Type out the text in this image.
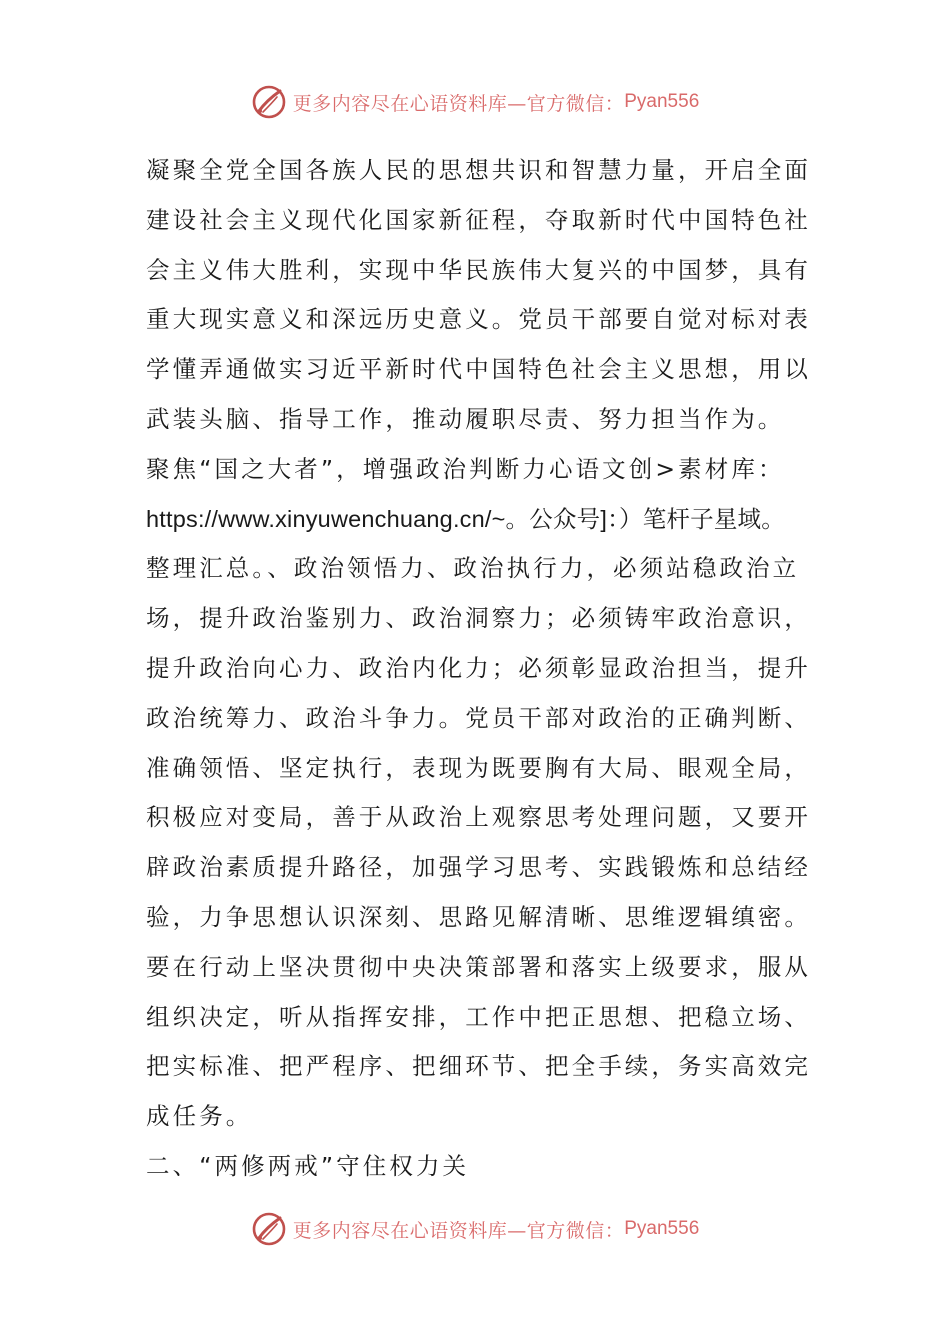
更多内容尽在心语资料库—官方微信： Pyan556
凝聚全党全国各族人民的思想共识和智慧力量，开启全面
建设社会主义现代化国家新征程，夺取新时代中国特色社
会主义伟大胜利，实现中华民族伟大复兴的中国梦，具有
重大现实意义和深远历史意义。党员干部要自觉对标对表
学懂弄通做实习近平新时代中国特色社会主义思想，用以
武装头脑、指导工作，推动履职尽责、努力担当作为。
聚焦“国之大者”，增强政治判断力心语文创>素材库：
https://www.xinyuwenchuang.cn/~。公众号]：）笔杆子星域。
整理汇总。、政治领悟力、政治执行力，必须站稳政治立
场，提升政治鉴别力、政治洞察力；必须铸牢政治意识，
提升政治向心力、政治内化力；必须彰显政治担当，提升
政治统筹力、政治斗争力。党员干部对政治的正确判断、
准确领悟、坚定执行，表现为既要胸有大局、眼观全局，
积极应对变局，善于从政治上观察思考处理问题，又要开
辟政治素质提升路径，加强学习思考、实践锻炼和总结经
验，力争思想认识深刻、思路见解清晰、思维逻辑缜密。
要在行动上坚决贯彻中央决策部署和落实上级要求，服从
组织决定，听从指挥安排，工作中把正思想、把稳立场、
把实标准、把严程序、把细环节、把全手续，务实高效完
成任务。
二、“两修两戒”守住权力关
更多内容尽在心语资料库—官方微信： Pyan556
